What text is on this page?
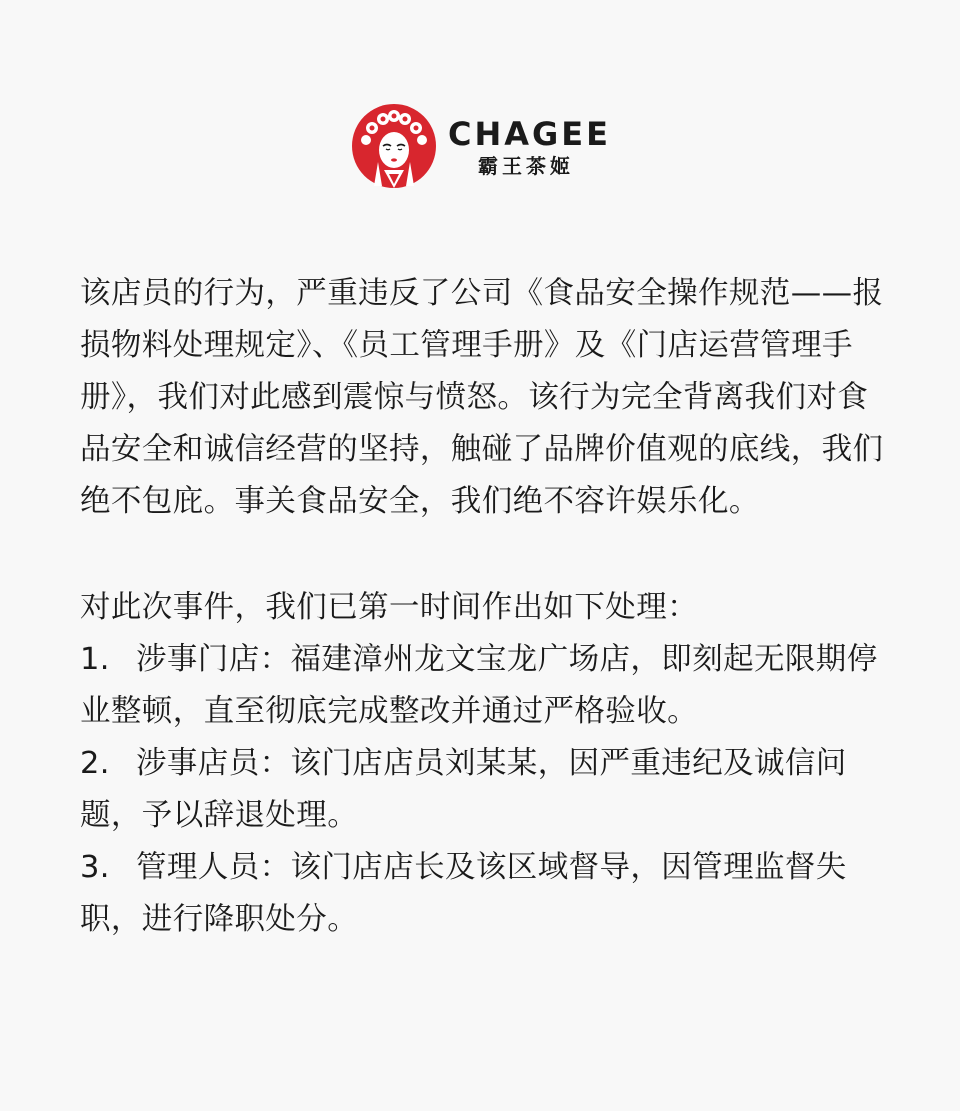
CHAGEE
霸王茶姬

该店员的行为，严重违反了公司《食品安全操作规范——报损物料处理规定》、《员工管理手册》及《门店运营管理手册》，我们对此感到震惊与愤怒。该行为完全背离我们对食品安全和诚信经营的坚持，触碰了品牌价值观的底线，我们绝不包庇。事关食品安全，我们绝不容许娱乐化。

对此次事件，我们已第一时间作出如下处理：

1. 涉事门店：福建漳州龙文宝龙广场店，即刻起无限期停业整顿，直至彻底完成整改并通过严格验收。
2. 涉事店员：该门店店员刘某某，因严重违纪及诚信问题，予以辞退处理。
3. 管理人员：该门店店长及该区域督导，因管理监督失职，进行降职处分。
